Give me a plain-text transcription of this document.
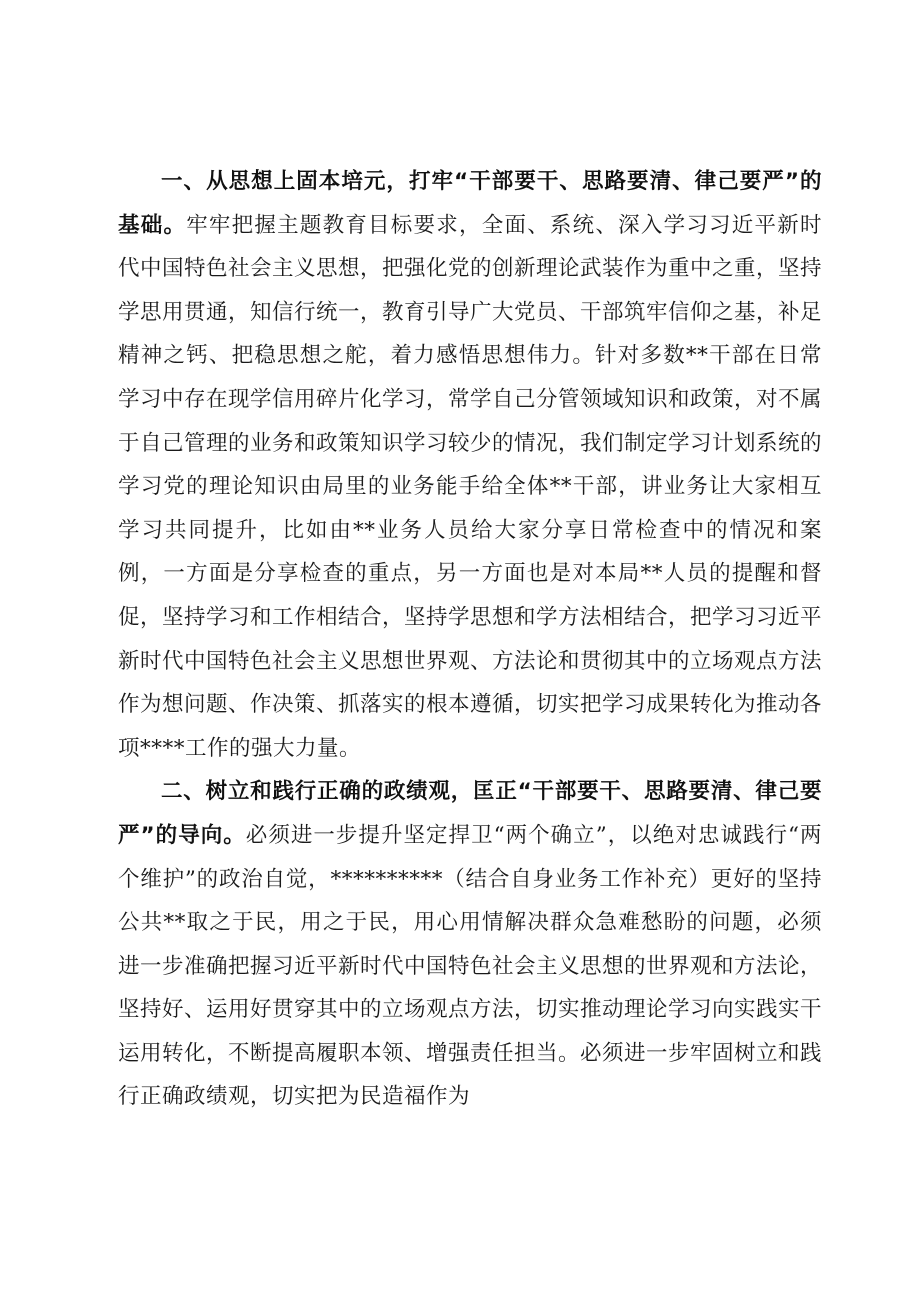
一、从思想上固本培元，打牢“干部要干、思路要清、律己要严”的基础。牢牢把握主题教育目标要求，全面、系统、深入学习习近平新时代中国特色社会主义思想，把强化党的创新理论武装作为重中之重，坚持学思用贯通，知信行统一，教育引导广大党员、干部筑牢信仰之基，补足精神之钙、把稳思想之舵，着力感悟思想伟力。针对多数**干部在日常学习中存在现学信用碎片化学习，常学自己分管领域知识和政策，对不属于自己管理的业务和政策知识学习较少的情况，我们制定学习计划系统的学习党的理论知识由局里的业务能手给全体**干部，讲业务让大家相互学习共同提升，比如由**业务人员给大家分享日常检查中的情况和案例，一方面是分享检查的重点，另一方面也是对本局**人员的提醒和督促，坚持学习和工作相结合，坚持学思想和学方法相结合，把学习习近平新时代中国特色社会主义思想世界观、方法论和贯彻其中的立场观点方法作为想问题、作决策、抓落实的根本遵循，切实把学习成果转化为推动各项****工作的强大力量。

二、树立和践行正确的政绩观，匡正“干部要干、思路要清、律己要严”的导向。必须进一步提升坚定捍卫“两个确立”，以绝对忠诚践行“两个维护”的政治自觉，**********（结合自身业务工作补充）更好的坚持公共**取之于民，用之于民，用心用情解决群众急难愁盼的问题，必须进一步准确把握习近平新时代中国特色社会主义思想的世界观和方法论，坚持好、运用好贯穿其中的立场观点方法，切实推动理论学习向实践实干运用转化，不断提高履职本领、增强责任担当。必须进一步牢固树立和践行正确政绩观，切实把为民造福作为
